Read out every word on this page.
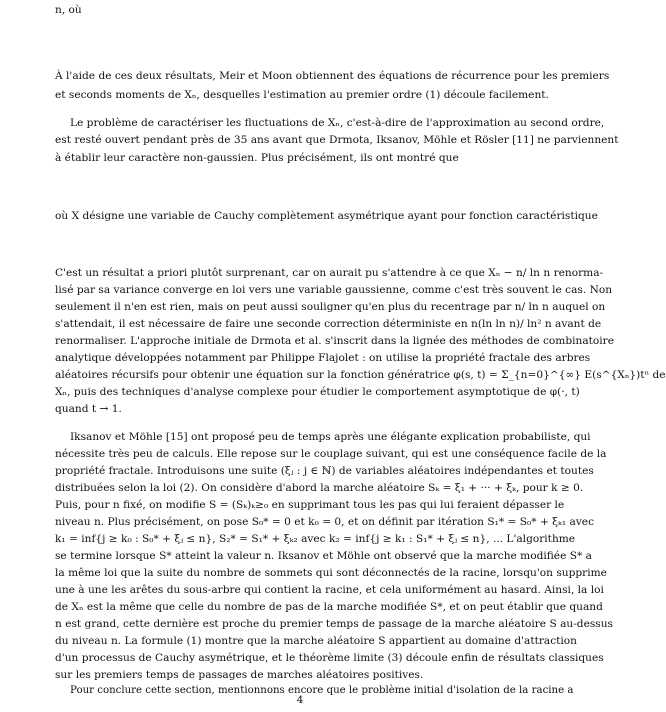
n, où
À l'aide de ces deux résultats, Meir et Moon obtiennent des équations de récurrence pour les premiers
et seconds moments de Xₙ, desquelles l'estimation au premier ordre (1) découle facilement.
Le problème de caractériser les fluctuations de Xₙ, c'est-à-dire de l'approximation au second ordre,
est resté ouvert pendant près de 35 ans avant que Drmota, Iksanov, Möhle et Rösler [11] ne parviennent
à établir leur caractère non-gaussien. Plus précisément, ils ont montré que
où X désigne une variable de Cauchy complètement asymétrique ayant pour fonction caractéristique
C'est un résultat a priori plutôt surprenant, car on aurait pu s'attendre à ce que Xₙ − n/ ln n renorma-
lisé par sa variance converge en loi vers une variable gaussienne, comme c'est très souvent le cas. Non
seulement il n'en est rien, mais on peut aussi souligner qu'en plus du recentrage par n/ ln n auquel on
s'attendait, il est nécessaire de faire une seconde correction déterministe en n(ln ln n)/ ln² n avant de
renormaliser. L'approche initiale de Drmota et al. s'inscrit dans la lignée des méthodes de combinatoire
analytique développées notamment par Philippe Flajolet : on utilise la propriété fractale des arbres
aléatoires récursifs pour obtenir une équation sur la fonction génératrice φ(s, t) = Σ_{n=0}^{∞} E(s^{Xₙ})tⁿ de
Xₙ, puis des techniques d'analyse complexe pour étudier le comportement asymptotique de φ(·, t)
quand t → 1.
Iksanov et Möhle [15] ont proposé peu de temps après une élégante explication probabiliste, qui
nécessite très peu de calculs. Elle repose sur le couplage suivant, qui est une conséquence facile de la
propriété fractale. Introduisons une suite (ξⱼ : j ∈ ℕ) de variables aléatoires indépendantes et toutes
distribuées selon la loi (2). On considère d'abord la marche aléatoire Sₖ = ξ₁ + ··· + ξₖ, pour k ≥ 0.
Puis, pour n fixé, on modifie S = (Sₖ)ₖ≥₀ en supprimant tous les pas qui lui feraient dépasser le
niveau n. Plus précisément, on pose S₀* = 0 et k₀ = 0, et on définit par itération S₁* = S₀* + ξₖ₁ avec
k₁ = inf{j ≥ k₀ : S₀* + ξⱼ ≤ n}, S₂* = S₁* + ξₖ₂ avec k₂ = inf{j ≥ k₁ : S₁* + ξⱼ ≤ n}, ... L'algorithme
se termine lorsque S* atteint la valeur n. Iksanov et Möhle ont observé que la marche modifiée S* a
la même loi que la suite du nombre de sommets qui sont déconnectés de la racine, lorsqu'on supprime
une à une les arêtes du sous-arbre qui contient la racine, et cela uniformément au hasard. Ainsi, la loi
de Xₙ est la même que celle du nombre de pas de la marche modifiée S*, et on peut établir que quand
n est grand, cette dernière est proche du premier temps de passage de la marche aléatoire S au-dessus
du niveau n. La formule (1) montre que la marche aléatoire S appartient au domaine d'attraction
d'un processus de Cauchy asymétrique, et le théorème limite (3) découle enfin de résultats classiques
sur les premiers temps de passages de marches aléatoires positives.
Pour conclure cette section, mentionnons encore que le problème initial d'isolation de la racine a
4
